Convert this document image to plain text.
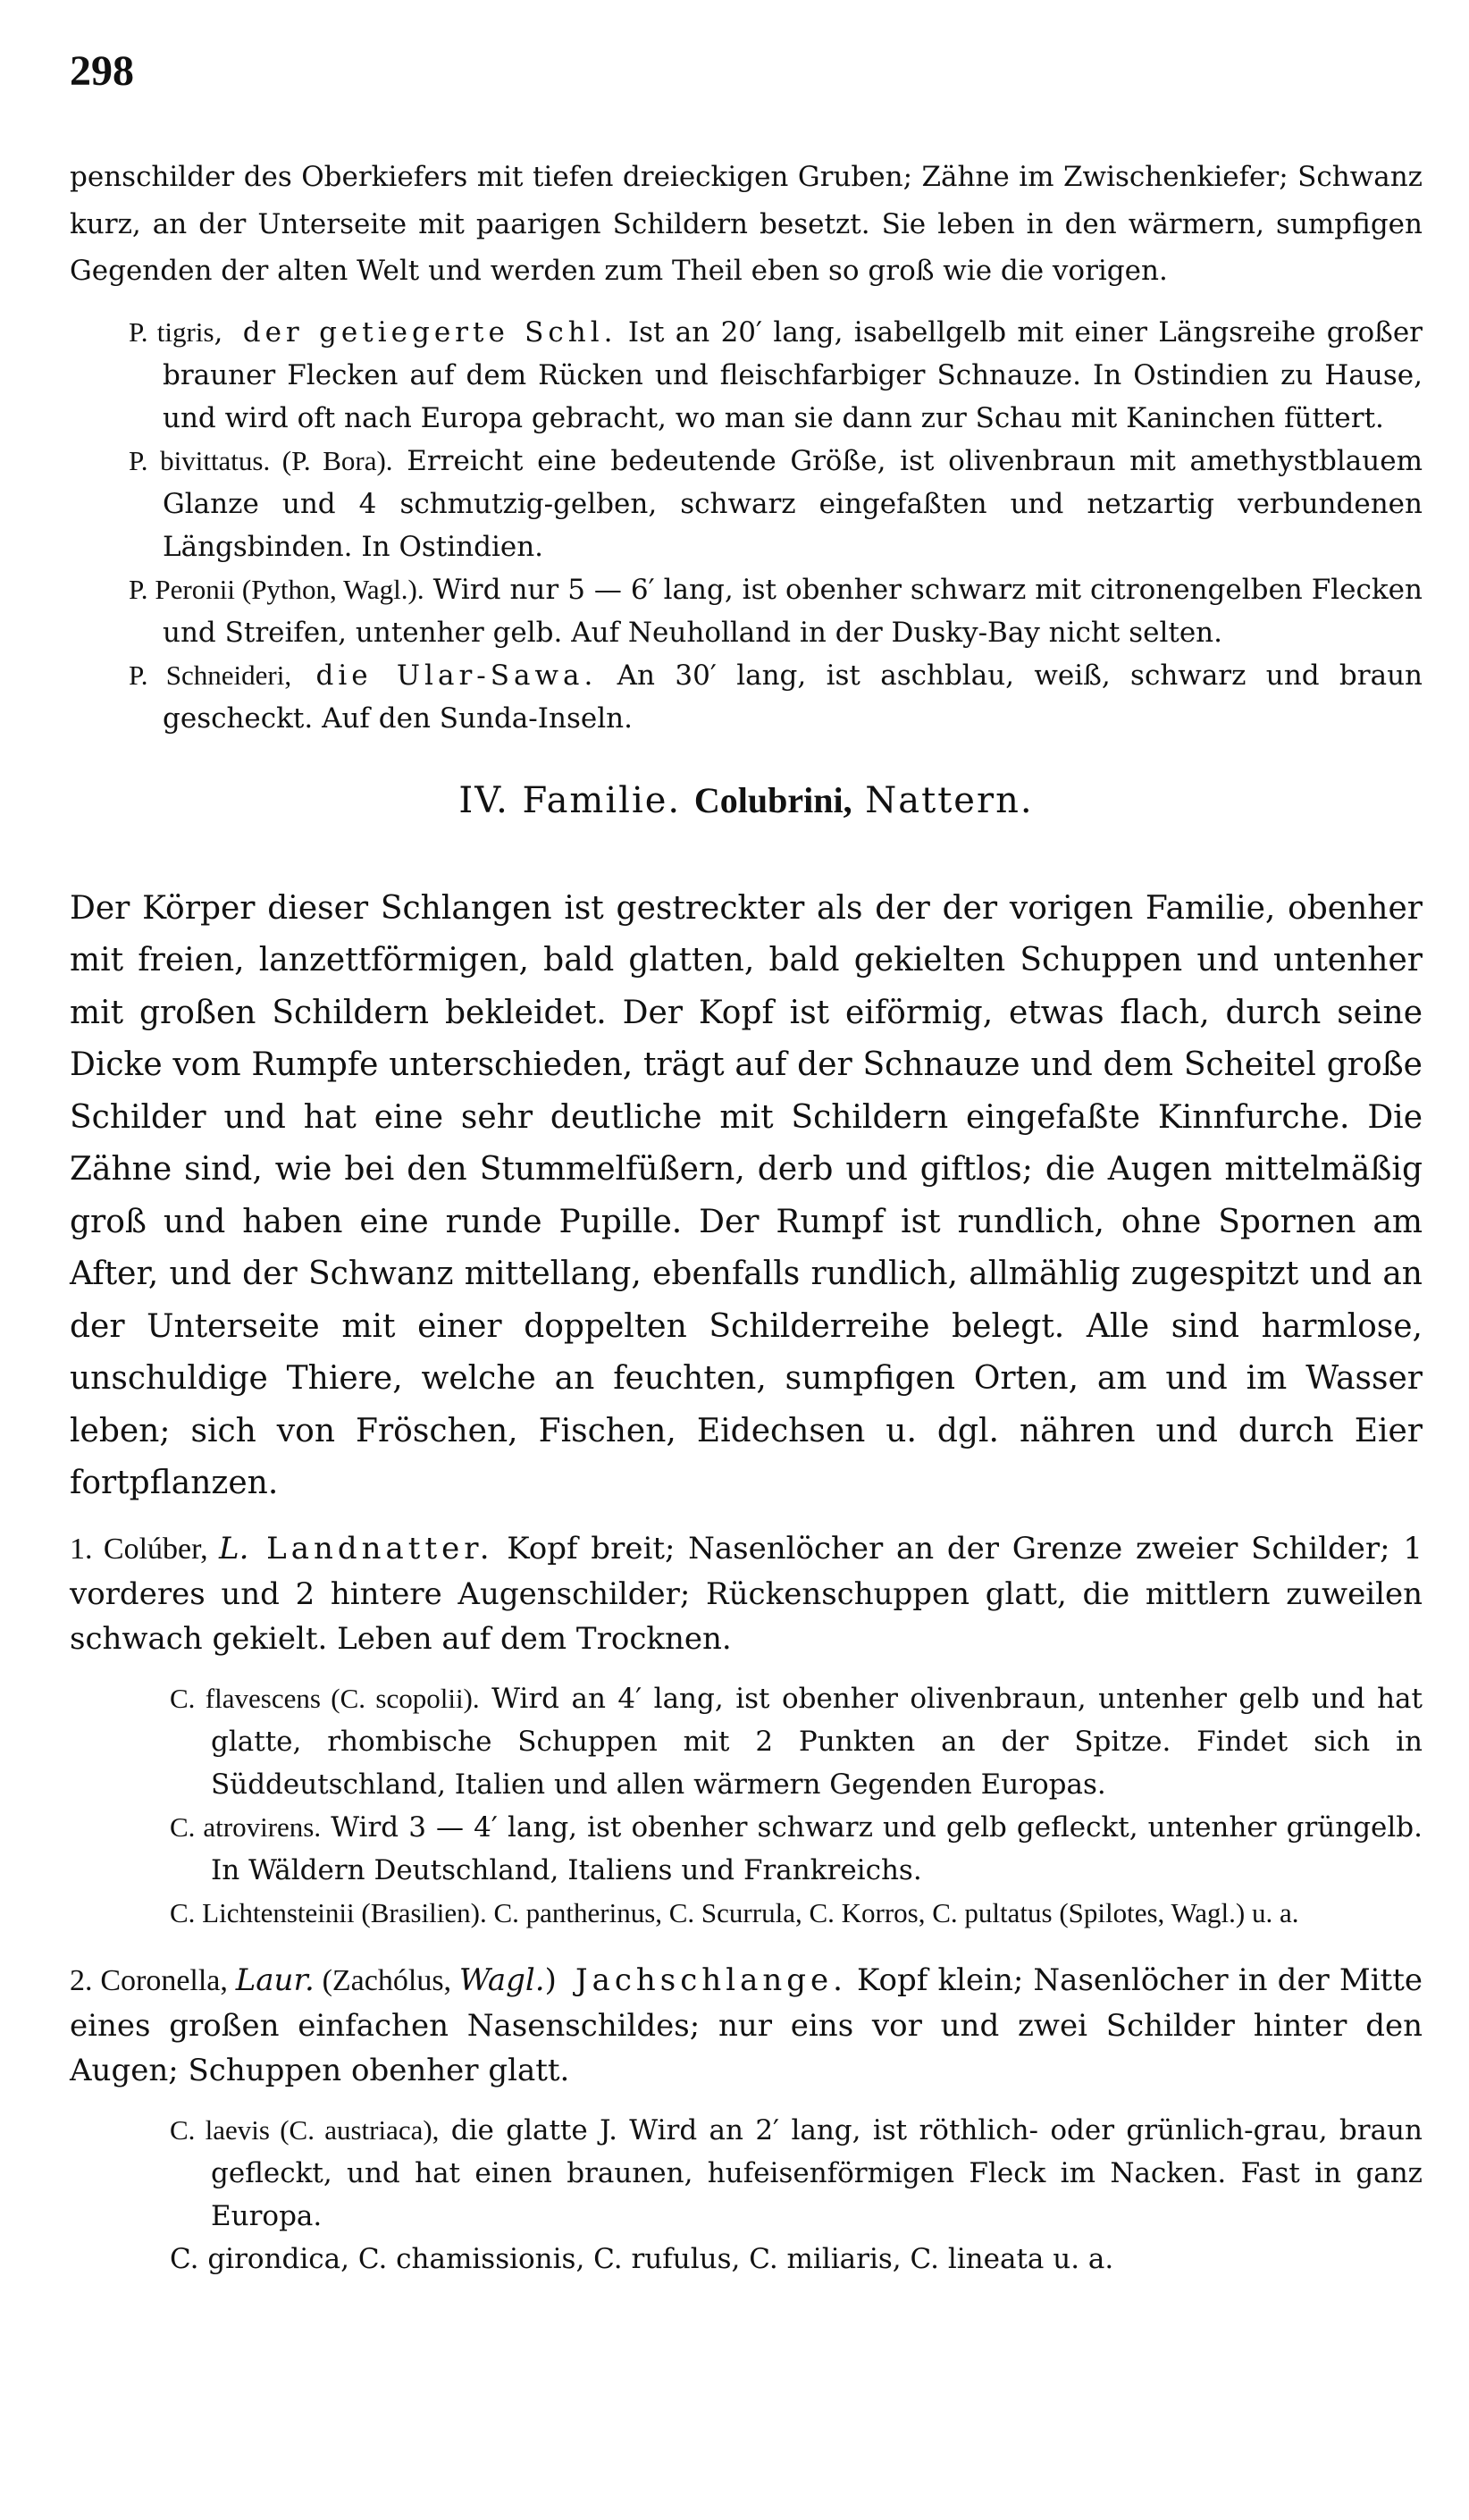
298

penschilder des Oberkiefers mit tiefen dreieckigen Gruben; Zähne im Zwischenkiefer; Schwanz kurz, an der Unterseite mit paarigen Schildern besetzt. Sie leben in den wärmern, sumpfigen Gegenden der alten Welt und werden zum Theil eben so groß wie die vorigen.

P. tigris, der getiegerte Schl. Ist an 20′ lang, isabellgelb mit einer Längsreihe großer brauner Flecken auf dem Rücken und fleischfarbiger Schnauze. In Ostindien zu Hause, und wird oft nach Europa gebracht, wo man sie dann zur Schau mit Kaninchen füttert.

P. bivittatus. (P. Bora). Erreicht eine bedeutende Größe, ist olivenbraun mit amethystblauem Glanze und 4 schmutzig-gelben, schwarz eingefaßten und netzartig verbundenen Längsbinden. In Ostindien.

P. Peronii (Python, Wagl.). Wird nur 5 — 6′ lang, ist obenher schwarz mit citronengelben Flecken und Streifen, untenher gelb. Auf Neuholland in der Dusky-Bay nicht selten.

P. Schneideri, die Ular-Sawa. An 30′ lang, ist aschblau, weiß, schwarz und braun gescheckt. Auf den Sunda-Inseln.

IV. Familie. Colubrini, Nattern.

Der Körper dieser Schlangen ist gestreckter als der der vorigen Familie, obenher mit freien, lanzettförmigen, bald glatten, bald gekielten Schuppen und untenher mit großen Schildern bekleidet. Der Kopf ist eiförmig, etwas flach, durch seine Dicke vom Rumpfe unterschieden, trägt auf der Schnauze und dem Scheitel große Schilder und hat eine sehr deutliche mit Schildern eingefaßte Kinnfurche. Die Zähne sind, wie bei den Stummelfüßern, derb und giftlos; die Augen mittelmäßig groß und haben eine runde Pupille. Der Rumpf ist rundlich, ohne Spornen am After, und der Schwanz mittellang, ebenfalls rundlich, allmählig zugespitzt und an der Unterseite mit einer doppelten Schilderreihe belegt. Alle sind harmlose, unschuldige Thiere, welche an feuchten, sumpfigen Orten, am und im Wasser leben; sich von Fröschen, Fischen, Eidechsen u. dgl. nähren und durch Eier fortpflanzen.

1. Colúber, L. Landnatter. Kopf breit; Nasenlöcher an der Grenze zweier Schilder; 1 vorderes und 2 hintere Augenschilder; Rückenschuppen glatt, die mittlern zuweilen schwach gekielt. Leben auf dem Trocknen.

C. flavescens (C. scopolii). Wird an 4′ lang, ist obenher olivenbraun, untenher gelb und hat glatte, rhombische Schuppen mit 2 Punkten an der Spitze. Findet sich in Süddeutschland, Italien und allen wärmern Gegenden Europas.

C. atrovirens. Wird 3 — 4′ lang, ist obenher schwarz und gelb gefleckt, untenher grüngelb. In Wäldern Deutschland, Italiens und Frankreichs.

C. Lichtensteinii (Brasilien). C. pantherinus, C. Scurrula, C. Korros, C. pultatus (Spilotes, Wagl.) u. a.

2. Coronella, Laur. (Zachólus, Wagl.) Jachschlange. Kopf klein; Nasenlöcher in der Mitte eines großen einfachen Nasenschildes; nur eins vor und zwei Schilder hinter den Augen; Schuppen obenher glatt.

C. laevis (C. austriaca), die glatte J. Wird an 2′ lang, ist röthlich- oder grünlich-grau, braun gefleckt, und hat einen braunen, hufeisenförmigen Fleck im Nacken. Fast in ganz Europa.

C. girondica, C. chamissionis, C. rufulus, C. miliaris, C. lineata u. a.
